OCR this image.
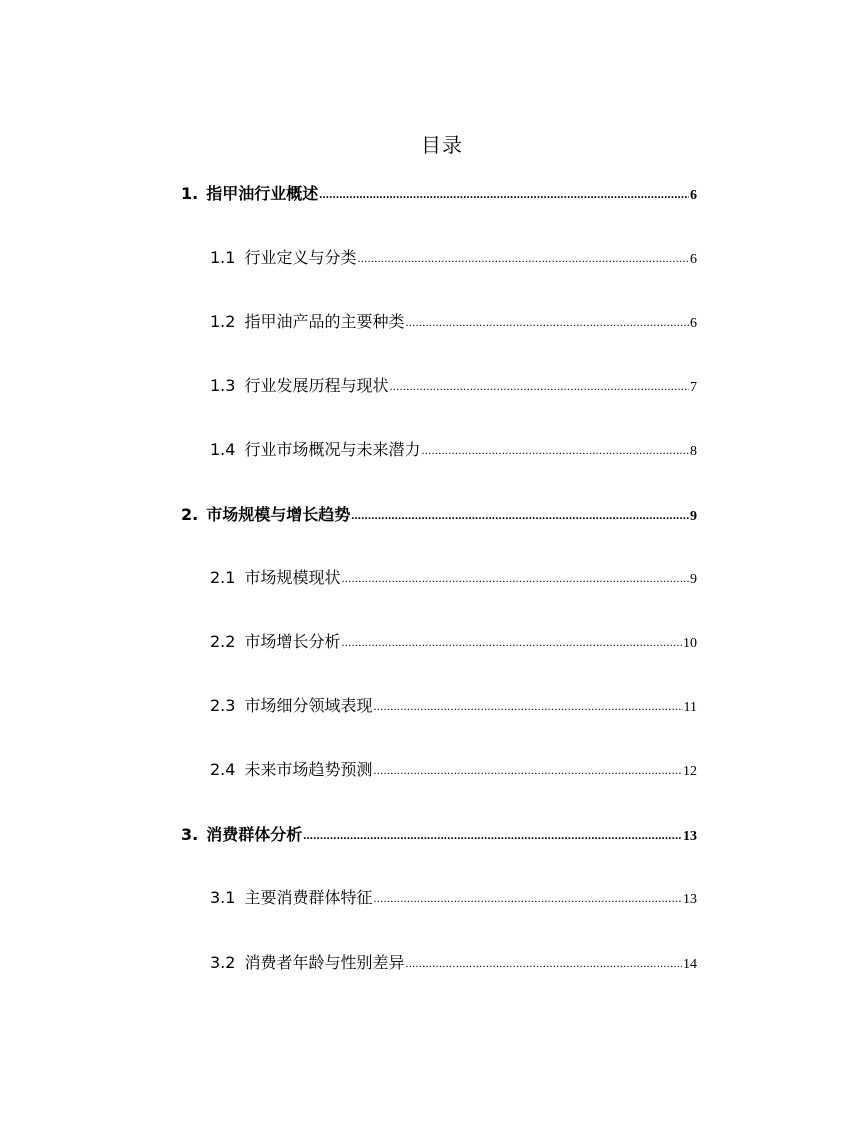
目录
1. 指甲油行业概述 .....	6
1.1 行业定义与分类 .....	6
1.2 指甲油产品的主要种类 .....	6
1.3 行业发展历程与现状 .....	7
1.4 行业市场概况与未来潜力 .....	8
2. 市场规模与增长趋势 .....	9
2.1 市场规模现状 .....	9
2.2 市场增长分析 .....	10
2.3 市场细分领域表现 .....	11
2.4 未来市场趋势预测 .....	12
3. 消费群体分析 .....	13
3.1 主要消费群体特征 .....	13
3.2 消费者年龄与性别差异 .....	14
